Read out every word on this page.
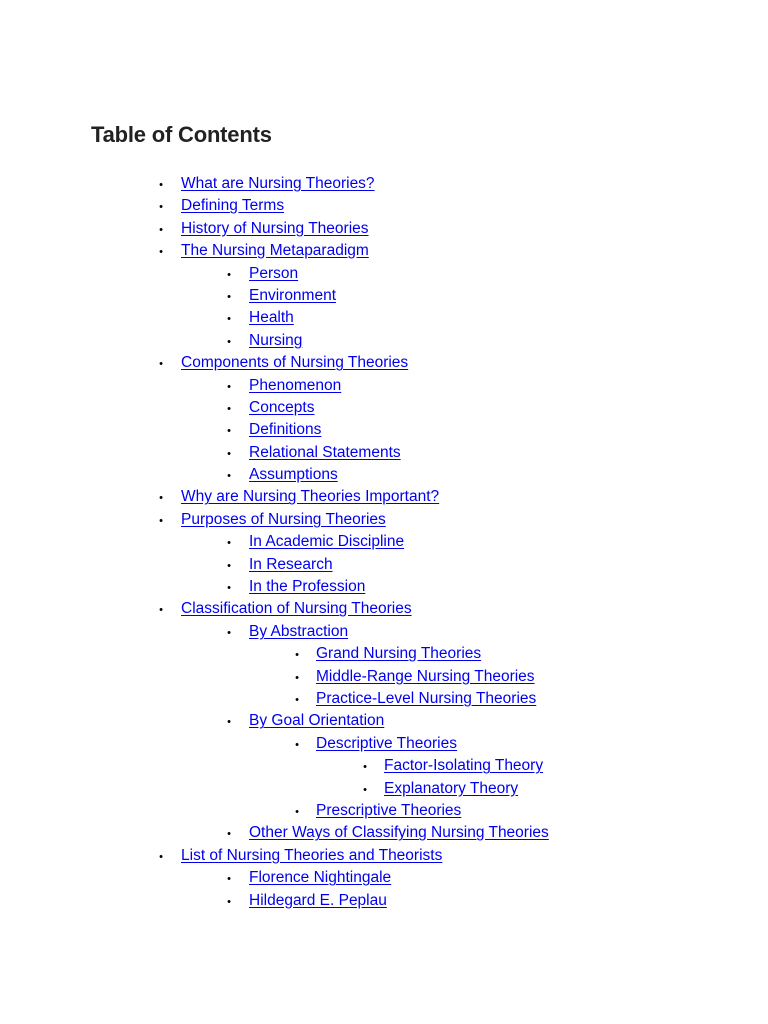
Table of Contents
• What are Nursing Theories?
• Defining Terms
• History of Nursing Theories
• The Nursing Metaparadigm
• Person
• Environment
• Health
• Nursing
• Components of Nursing Theories
• Phenomenon
• Concepts
• Definitions
• Relational Statements
• Assumptions
• Why are Nursing Theories Important?
• Purposes of Nursing Theories
• In Academic Discipline
• In Research
• In the Profession
• Classification of Nursing Theories
• By Abstraction
• Grand Nursing Theories
• Middle-Range Nursing Theories
• Practice-Level Nursing Theories
• By Goal Orientation
• Descriptive Theories
• Factor-Isolating Theory
• Explanatory Theory
• Prescriptive Theories
• Other Ways of Classifying Nursing Theories
• List of Nursing Theories and Theorists
• Florence Nightingale
• Hildegard E. Peplau
